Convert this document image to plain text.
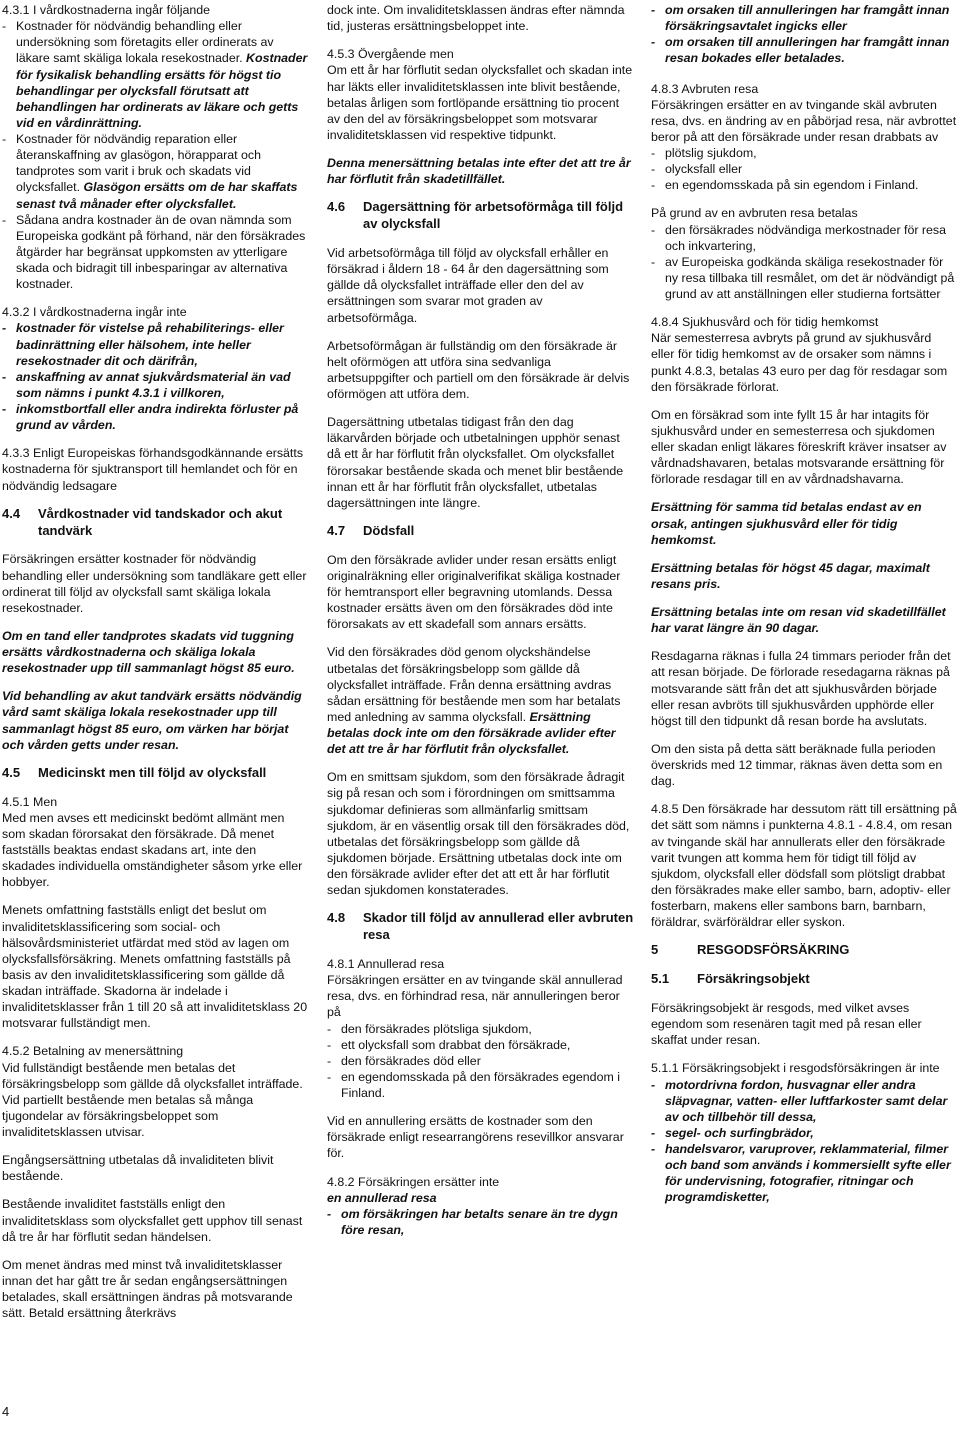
4.3.1 I vårdkostnaderna ingår följande

- Kostnader för nödvändig behandling eller undersökning som företagits eller ordinerats av läkare samt skäliga lokala resekostnader. Kostnader för fysikalisk behandling ersätts för högst tio behandlingar per olycksfall förutsatt att behandlingen har ordinerats av läkare och getts vid en vårdinrättning.
- Kostnader för nödvändig reparation eller återanskaffning av glasögon, hörapparat och tandprotes som varit i bruk och skadats vid olycksfallet. Glasögon ersätts om de har skaffats senast två månader efter olycksfallet.
- Sådana andra kostnader än de ovan nämnda som Europeiska godkänt på förhand, när den försäkrades åtgärder har begränsat uppkomsten av ytterligare skada och bidragit till inbesparingar av alternativa kostnader.

4.3.2 I vårdkostnaderna ingår inte

- kostnader för vistelse på rehabiliterings- eller badinrättning eller hälsohem, inte heller resekostnader dit och därifrån,
- anskaffning av annat sjukvårdsmaterial än vad som nämns i punkt 4.3.1 i villkoren,
- inkomstbortfall eller andra indirekta förluster på grund av vården.

4.3.3 Enligt Europeiskas förhandsgodkännande ersätts kostnaderna för sjuktransport till hemlandet och för en nödvändig ledsagare

4.4	Vårdkostnader vid tandskador och akut tandvärk

Försäkringen ersätter kostnader för nödvändig behandling eller undersökning som tandläkare gett eller ordinerat till följd av olycksfall samt skäliga lokala resekostnader.

Om en tand eller tandprotes skadats vid tuggning ersätts vårdkostnaderna och skäliga lokala resekostnader upp till sammanlagt högst 85 euro.

Vid behandling av akut tandvärk ersätts nödvändig vård samt skäliga lokala resekostnader upp till sammanlagt högst 85 euro, om värken har börjat och vården getts under resan.

4.5	Medicinskt men till följd av olycksfall

4.5.1 Men

Med men avses ett medicinskt bedömt allmänt men som skadan förorsakat den försäkrade. Då menet fastställs beaktas endast skadans art, inte den skadades individuella omständigheter såsom yrke eller hobbyer.

Menets omfattning fastställs enligt det beslut om invaliditetsklassificering som social- och hälsovårdsministeriet utfärdat med stöd av lagen om olycksfallsförsäkring. Menets omfattning fastställs på basis av den invaliditetsklassificering som gällde då skadan inträffade. Skadorna är indelade i invaliditetsklasser från 1 till 20 så att invaliditetsklass 20 motsvarar fullständigt men.

4.5.2 Betalning av menersättning

Vid fullständigt bestående men betalas det försäkringsbelopp som gällde då olycksfallet inträffade. Vid partiellt bestående men betalas så många tjugondelar av försäkringsbeloppet som invaliditetsklassen utvisar.

Engångsersättning utbetalas då invaliditeten blivit bestående.

Bestående invaliditet fastställs enligt den invaliditetsklass som olycksfallet gett upphov till senast då tre år har förflutit sedan händelsen.

Om menet ändras med minst två invaliditetsklasser innan det har gått tre år sedan engångsersättningen betalades, skall ersättningen ändras på motsvarande sätt. Betald ersättning återkrävs

dock inte. Om invaliditetsklassen ändras efter nämnda tid, justeras ersättningsbeloppet inte.

4.5.3 Övergående men

Om ett år har förflutit sedan olycksfallet och skadan inte har läkts eller invaliditetsklassen inte blivit bestående, betalas årligen som fortlöpande ersättning tio procent av den del av försäkringsbeloppet som motsvarar invaliditetsklassen vid respektive tidpunkt.

Denna menersättning betalas inte efter det att tre år har förflutit från skadetillfället.

4.6	Dagersättning för arbetsoförmåga till följd av olycksfall

Vid arbetsoförmåga till följd av olycksfall erhåller en försäkrad i åldern 18 - 64 år den dagersättning som gällde då olycksfallet inträffade eller den del av ersättningen som svarar mot graden av arbetsoförmåga.

Arbetsoförmågan är fullständig om den försäkrade är helt oförmögen att utföra sina sedvanliga arbetsuppgifter och partiell om den försäkrade är delvis oförmögen att utföra dem.

Dagersättning utbetalas tidigast från den dag läkarvården började och utbetalningen upphör senast då ett år har förflutit från olycksfallet. Om olycksfallet förorsakar bestående skada och menet blir bestående innan ett år har förflutit från olycksfallet, utbetalas dagersättningen inte längre.

4.7	Dödsfall

Om den försäkrade avlider under resan ersätts enligt originalräkning eller originalverifikat skäliga kostnader för hemtransport eller begravning utomlands. Dessa kostnader ersätts även om den försäkrades död inte förorsakats av ett skadefall som annars ersätts.

Vid den försäkrades död genom olyckshändelse utbetalas det försäkringsbelopp som gällde då olycksfallet inträffade. Från denna ersättning avdras sådan ersättning för bestående men som har betalats med anledning av samma olycksfall. Ersättning betalas dock inte om den försäkrade avlider efter det att tre år har förflutit från olycksfallet.

Om en smittsam sjukdom, som den försäkrade ådragit sig på resan och som i förordningen om smittsamma sjukdomar definieras som allmänfarlig smittsam sjukdom, är en väsentlig orsak till den försäkrades död, utbetalas det försäkringsbelopp som gällde då sjukdomen började. Ersättning utbetalas dock inte om den försäkrade avlider efter det att ett år har förflutit sedan sjukdomen konstaterades.

4.8	Skador till följd av annullerad eller avbruten resa

4.8.1 Annullerad resa

Försäkringen ersätter en av tvingande skäl annullerad resa, dvs. en förhindrad resa, när annulleringen beror på

- den försäkrades plötsliga sjukdom,
- ett olycksfall som drabbat den försäkrade,
- den försäkrades död eller
- en egendomsskada på den försäkrades egendom i Finland.

Vid en annullering ersätts de kostnader som den försäkrade enligt researrangörens resevillkor ansvarar för.

4.8.2 Försäkringen ersätter inte

en annullerad resa

- om försäkringen har betalts senare än tre dygn före resan,
- om orsaken till annulleringen har framgått innan försäkringsavtalet ingicks eller
- om orsaken till annulleringen har framgått innan resan bokades eller betalades.

4.8.3 Avbruten resa

Försäkringen ersätter en av tvingande skäl avbruten resa, dvs. en ändring av en påbörjad resa, när avbrottet beror på att den försäkrade under resan drabbats av

- plötslig sjukdom,
- olycksfall eller
- en egendomsskada på sin egendom i Finland.

På grund av en avbruten resa betalas

- den försäkrades nödvändiga merkostnader för resa och inkvartering,
- av Europeiska godkända skäliga resekostnader för ny resa tillbaka till resmålet, om det är nödvändigt på grund av att anställningen eller studierna fortsätter

4.8.4 Sjukhusvård och för tidig hemkomst

När semesterresa avbryts på grund av sjukhusvård eller för tidig hemkomst av de orsaker som nämns i punkt 4.8.3, betalas 43 euro per dag för resdagar som den försäkrade förlorat.

Om en försäkrad som inte fyllt 15 år har intagits för sjukhusvård under en semesterresa och sjukdomen eller skadan enligt läkares föreskrift kräver insatser av vårdnadshavaren, betalas motsvarande ersättning för förlorade resdagar till en av vårdnadshavarna.

Ersättning för samma tid betalas endast av en orsak, antingen sjukhusvård eller för tidig hemkomst.

Ersättning betalas för högst 45 dagar, maximalt resans pris.

Ersättning betalas inte om resan vid skadetillfället har varat längre än 90 dagar.

Resdagarna räknas i fulla 24 timmars perioder från det att resan började. De förlorade resedagarna räknas på motsvarande sätt från det att sjukhusvården började eller resan avbröts till sjukhusvården upphörde eller högst till den tidpunkt då resan borde ha avslutats.

Om den sista på detta sätt beräknade fulla perioden överskrids med 12 timmar, räknas även detta som en dag.

4.8.5 Den försäkrade har dessutom rätt till ersättning på det sätt som nämns i punkterna 4.8.1 - 4.8.4, om resan av tvingande skäl har annullerats eller den försäkrade varit tvungen att komma hem för tidigt till följd av sjukdom, olycksfall eller dödsfall som plötsligt drabbat den försäkrades make eller sambo, barn, adoptiv- eller fosterbarn, makens eller sambons barn, barnbarn, föräldrar, svärföräldrar eller syskon.

5	RESGODSFÖRSÄKRING
5.1	Försäkringsobjekt

Försäkringsobjekt är resgods, med vilket avses egendom som resenären tagit med på resan eller skaffat under resan.

5.1.1 Försäkringsobjekt i resgodsförsäkringen är inte

- motordrivna fordon, husvagnar eller andra släpvagnar, vatten- eller luftfarkoster samt delar av och tillbehör till dessa,
- segel- och surfingbrädor,
- handelsvaror, varuprover, reklammaterial, filmer och band som används i kommersiellt syfte eller för undervisning, fotografier, ritningar och programdisketter,
4
